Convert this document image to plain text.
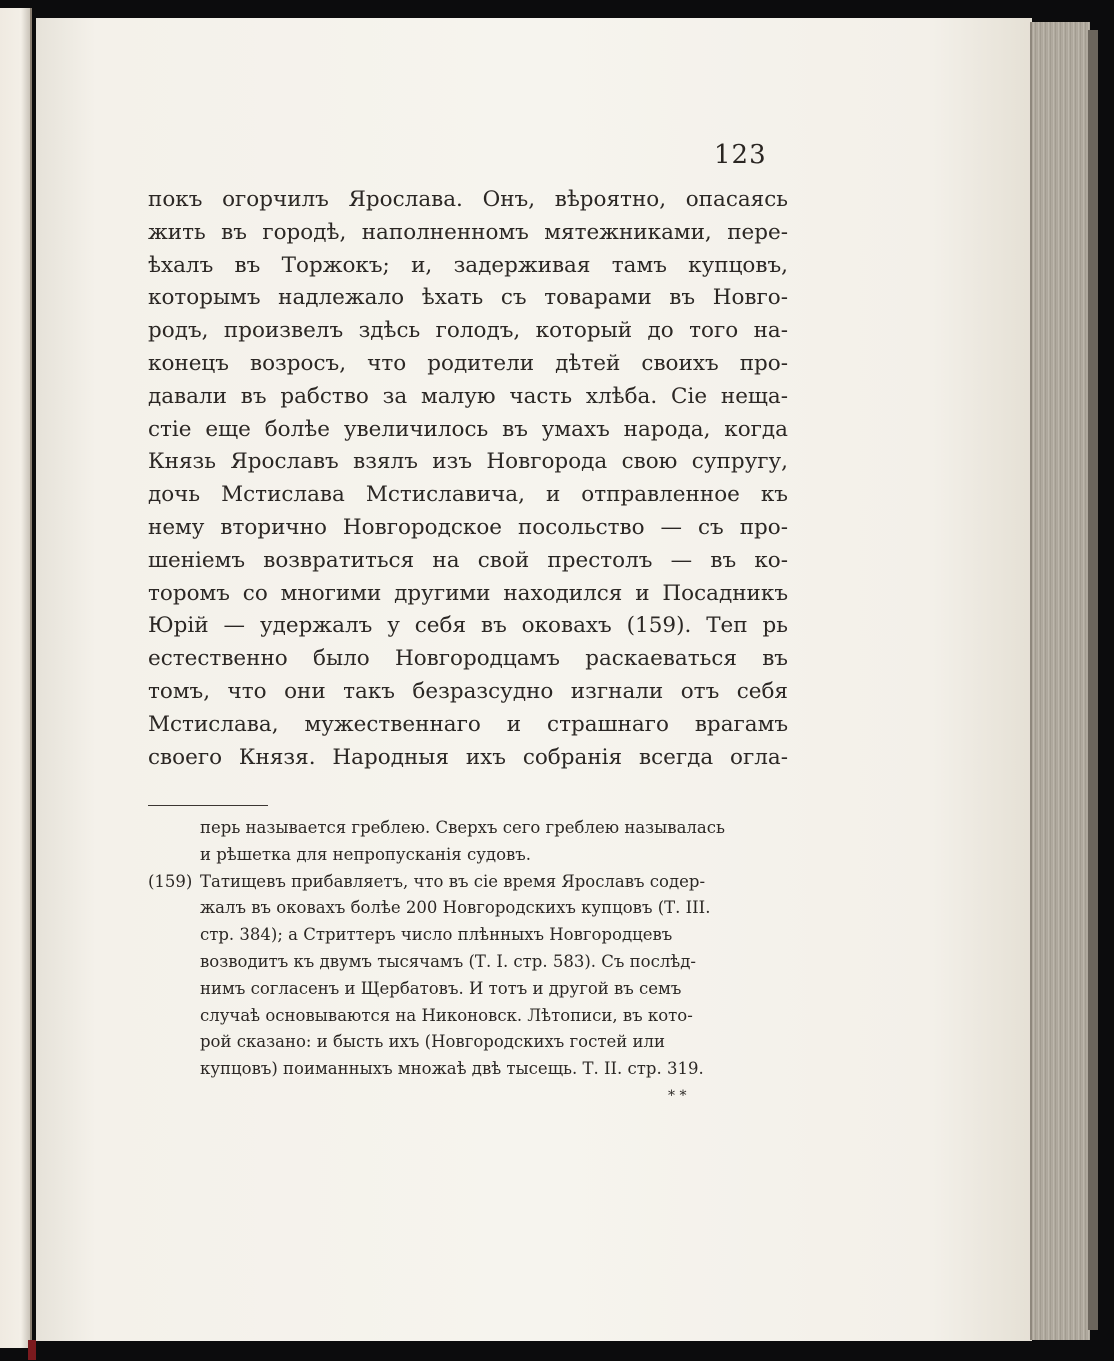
123
покъ огорчилъ Ярослава. Онъ, вѣроятно, опасаясь
жить въ городѣ, наполненномъ мятежниками, пере-
ѣхалъ въ Торжокъ; и, задерживая тамъ купцовъ,
которымъ надлежало ѣхать съ товарами въ Новго-
родъ, произвелъ здѣсь голодъ, который до того на-
конецъ возросъ, что родители дѣтей своихъ про-
давали въ рабство за малую часть хлѣба. Сіе неща-
стіе еще болѣе увеличилось въ умахъ народа, когда
Князь Ярославъ взялъ изъ Новгорода свою супругу,
дочь Мстислава Мстиславича, и отправленное къ
нему вторично Новгородское посольство — съ про-
шеніемъ возвратиться на свой престолъ — въ ко-
торомъ со многими другими находился и Посадникъ
Юрій — удержалъ у себя въ оковахъ (159). Теп рь
естественно было Новгородцамъ раскаеваться въ
томъ, что они такъ безразсудно изгнали отъ себя
Мстислава, мужественнаго и страшнаго врагамъ
своего Князя. Народныя ихъ собранія всегда огла-
перь называется греблею. Сверхъ сего греблею называлась
и рѣшетка для непропусканія судовъ.
(159) Татищевъ прибавляетъ, что въ сіе время Ярославъ содер-
жалъ въ оковахъ болѣе 200 Новгородскихъ купцовъ (Т. III.
стр. 384); а Стриттеръ число плѣнныхъ Новгородцевъ
возводитъ къ двумъ тысячамъ (Т. I. стр. 583). Съ послѣд-
нимъ согласенъ и Щербатовъ. И тотъ и другой въ семъ
случаѣ основываются на Никоновск. Лѣтописи, въ кото-
рой сказано: и бысть ихъ (Новгородскихъ гостей или
купцовъ) поиманныхъ множаѣ двѣ тысещь. Т. II. стр. 319.
* *
